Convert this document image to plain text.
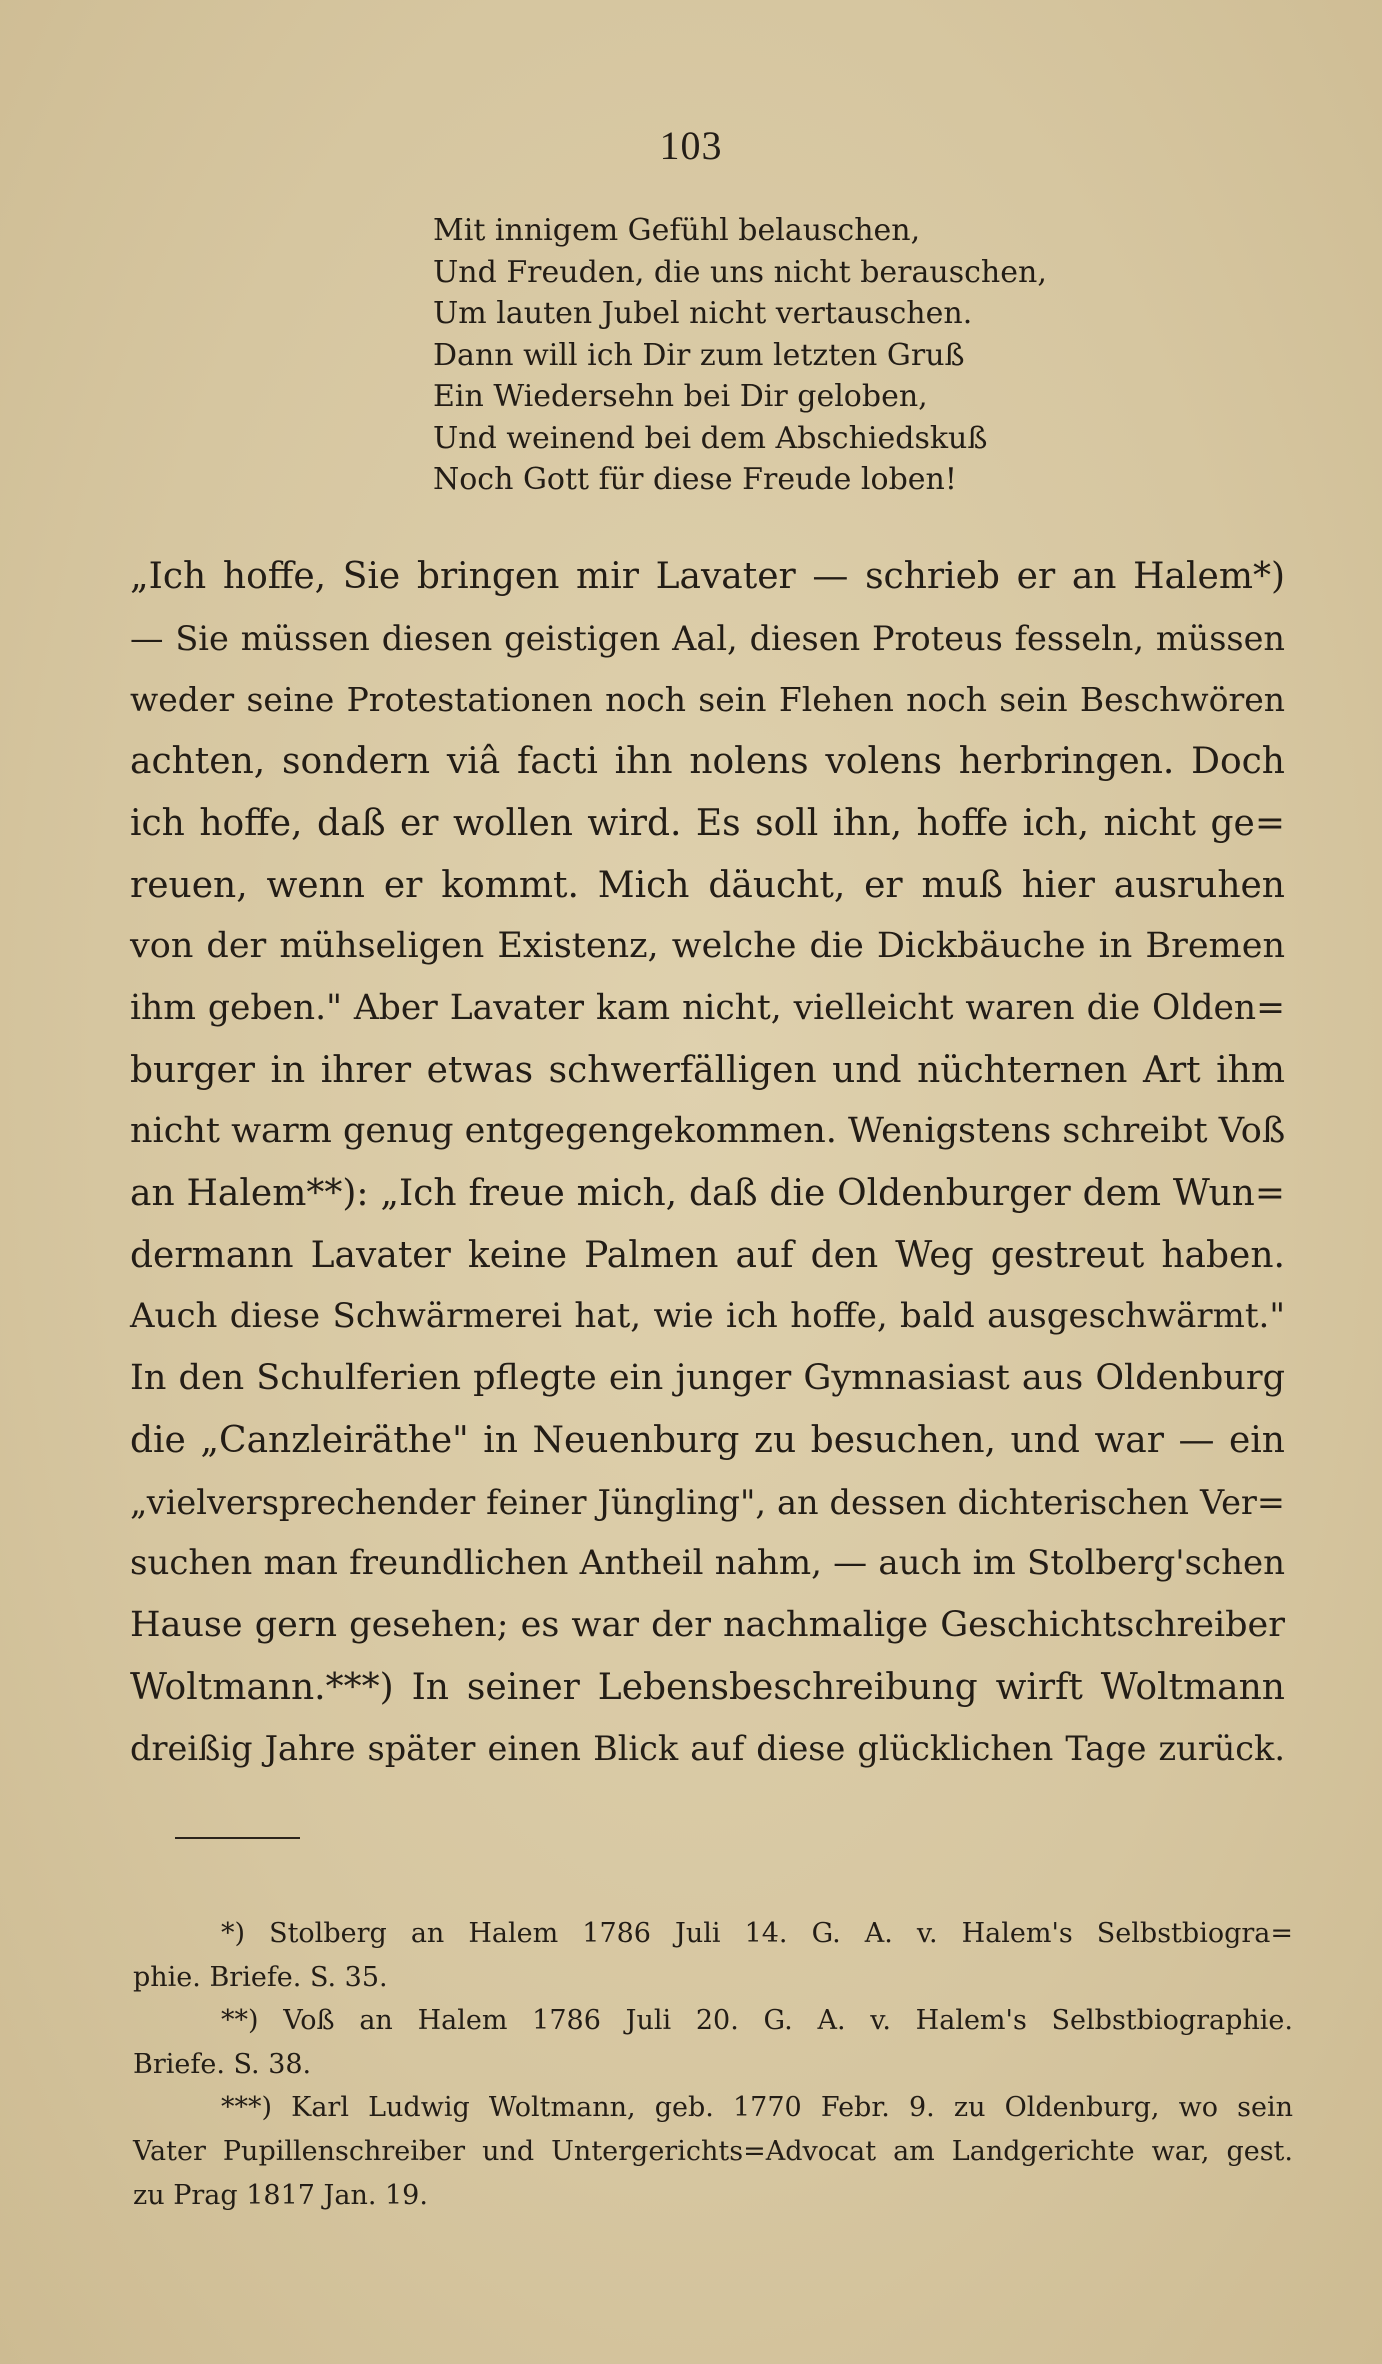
103
Mit innigem Gefühl belauschen,
Und Freuden, die uns nicht berauschen,
Um lauten Jubel nicht vertauschen.
Dann will ich Dir zum letzten Gruß
Ein Wiedersehn bei Dir geloben,
Und weinend bei dem Abschiedskuß
Noch Gott für diese Freude loben!
„Ich hoffe, Sie bringen mir Lavater — schrieb er an Halem*)
— Sie müssen diesen geistigen Aal, diesen Proteus fesseln, müssen
weder seine Protestationen noch sein Flehen noch sein Beschwören
achten, sondern viâ facti ihn nolens volens herbringen. Doch
ich hoffe, daß er wollen wird. Es soll ihn, hoffe ich, nicht ge=
reuen, wenn er kommt. Mich däucht, er muß hier ausruhen
von der mühseligen Existenz, welche die Dickbäuche in Bremen
ihm geben." Aber Lavater kam nicht, vielleicht waren die Olden=
burger in ihrer etwas schwerfälligen und nüchternen Art ihm
nicht warm genug entgegengekommen. Wenigstens schreibt Voß
an Halem**): „Ich freue mich, daß die Oldenburger dem Wun=
dermann Lavater keine Palmen auf den Weg gestreut haben.
Auch diese Schwärmerei hat, wie ich hoffe, bald ausgeschwärmt."
In den Schulferien pflegte ein junger Gymnasiast aus Oldenburg
die „Canzleiräthe" in Neuenburg zu besuchen, und war — ein
„vielversprechender feiner Jüngling", an dessen dichterischen Ver=
suchen man freundlichen Antheil nahm, — auch im Stolberg'schen
Hause gern gesehen; es war der nachmalige Geschichtschreiber
Woltmann.***) In seiner Lebensbeschreibung wirft Woltmann
dreißig Jahre später einen Blick auf diese glücklichen Tage zurück.
*) Stolberg an Halem 1786 Juli 14. G. A. v. Halem's Selbstbiogra=
phie. Briefe. S. 35.
**) Voß an Halem 1786 Juli 20. G. A. v. Halem's Selbstbiographie.
Briefe. S. 38.
***) Karl Ludwig Woltmann, geb. 1770 Febr. 9. zu Oldenburg, wo sein
Vater Pupillenschreiber und Untergerichts=Advocat am Landgerichte war, gest.
zu Prag 1817 Jan. 19.
